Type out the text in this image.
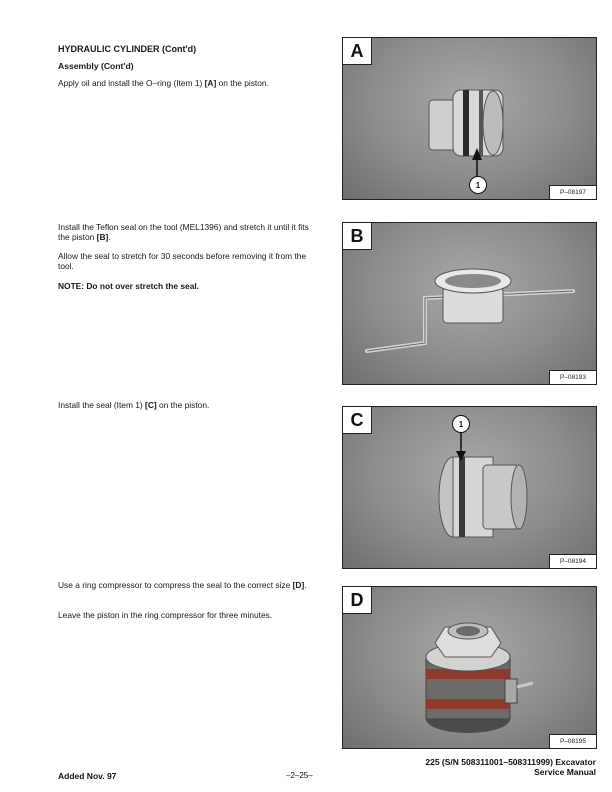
HYDRAULIC CYLINDER (Cont'd)
Assembly (Cont'd)
Apply oil and install the O–ring (Item 1) [A] on the piston.
Install the Teflon seal on the tool (MEL1396) and stretch it until it fits the piston [B].
Allow the seal to stretch for 30 seconds before removing it from the tool.
NOTE: Do not over stretch the seal.
Install the seal (Item 1) [C] on the piston.
Use a ring compressor to compress the seal to the correct size [D].
Leave the piston in the ring compressor for three minutes.
1
A
P–08197
B
P–08193
1
C
P–08194
D
P–08195
Added Nov. 97	–2–25–
225 (S/N 508311001–508311999) Excavator
Service Manual
